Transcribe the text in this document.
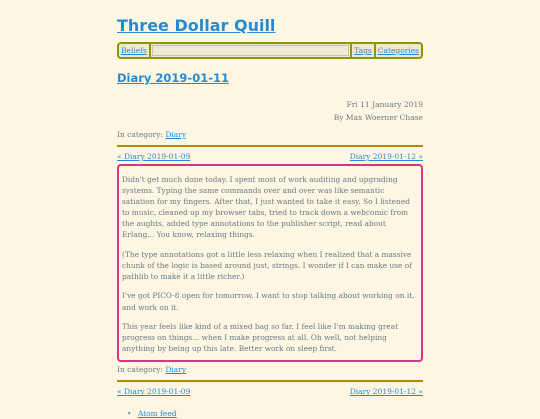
Three Dollar Quill
Beliefs	Tags Categories
Diary 2019-01-11
Fri 11 January 2019
By Max Woerner Chase
In category: Diary
« Diary 2019-01-09	Diary 2019-01-12 »

Didn't get much done today. I spent most of work auditing and upgrading systems. Typing the same commands over and over was like semantic satiation for my fingers. After that, I just wanted to take it easy. So I listened to music, cleaned up my browser tabs, tried to track down a webcomic from the aughts, added type annotations to the publisher script, read about Erlang... You know, relaxing things.

(The type annotations got a little less relaxing when I realized that a massive chunk of the logic is based around just, strings. I wonder if I can make use of pathlib to make it a little richer.)

I've got PICO-8 open for tomorrow. I want to stop talking about working on it, and work on it.

This year feels like kind of a mixed bag so far. I feel like I'm making great progress on things... when I make progress at all. Oh well, not helping anything by being up this late. Better work on sleep first.

In category: Diary
« Diary 2019-01-09	Diary 2019-01-12 »
• Atom feed
